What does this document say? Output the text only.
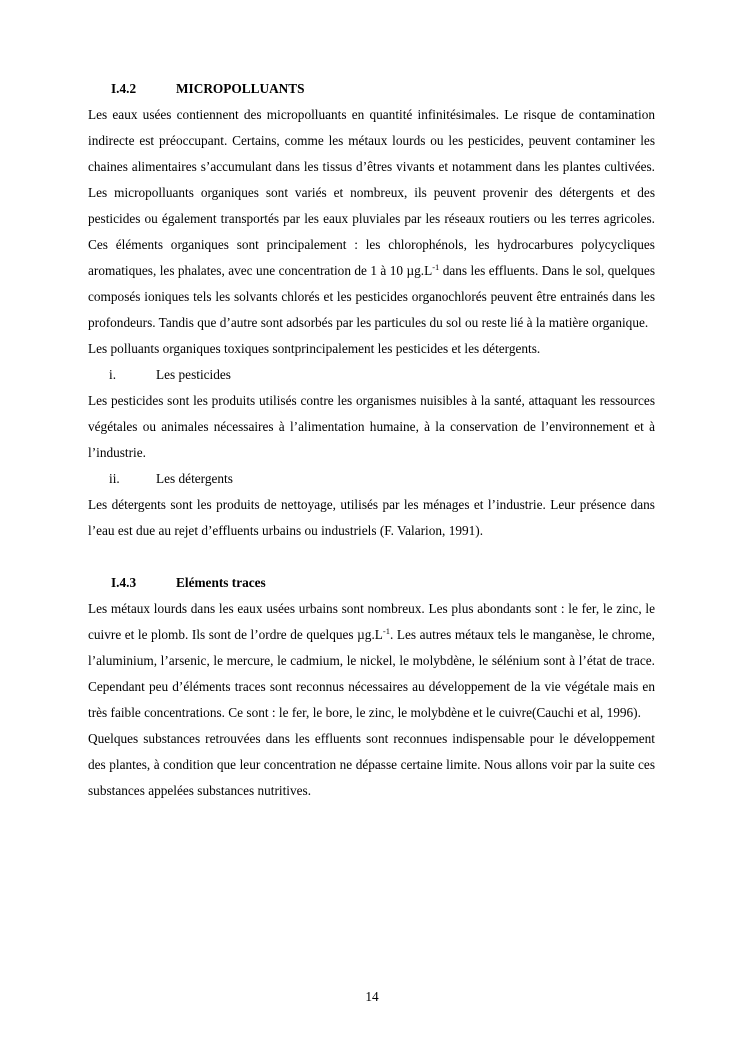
I.4.2	MICROPOLLUANTS

Les eaux usées contiennent des micropolluants en quantité infinitésimales. Le risque de contamination indirecte est préoccupant. Certains, comme les métaux lourds ou les pesticides, peuvent contaminer les chaines alimentaires s’accumulant dans les tissus d’êtres vivants et notamment dans les plantes cultivées. Les micropolluants organiques sont variés et nombreux, ils peuvent provenir des détergents et des pesticides ou également transportés par les eaux pluviales par les réseaux routiers ou les terres agricoles. Ces éléments organiques sont principalement : les chlorophénols, les hydrocarbures polycycliques aromatiques, les phalates, avec une concentration de 1 à 10 $\mu g.L^{-1}$ dans les effluents. Dans le sol, quelques composés ioniques tels les solvants chlorés et les pesticides organochlorés peuvent être entrainés dans les profondeurs. Tandis que d’autre sont adsorbés par les particules du sol ou reste lié à la matière organique.

Les polluants organiques toxiques sontprincipalement les pesticides et les détergents.

i.	Les pesticides

Les pesticides sont les produits utilisés contre les organismes nuisibles à la santé, attaquant les ressources végétales ou animales nécessaires à l’alimentation humaine, à la conservation de l’environnement et à l’industrie.

ii.	Les détergents

Les détergents sont les produits de nettoyage, utilisés par les ménages et l’industrie. Leur présence dans l’eau est due au rejet d’effluents urbains ou industriels (F. Valarion, 1991).

I.4.3	Eléments traces

Les métaux lourds dans les eaux usées urbains sont nombreux. Les plus abondants sont : le fer, le zinc, le cuivre et le plomb. Ils sont de l’ordre de quelques $\mu g.L^{-1}$. Les autres métaux tels le manganèse, le chrome, l’aluminium, l’arsenic, le mercure, le cadmium, le nickel, le molybdène, le sélénium sont à l’état de trace. Cependant peu d’éléments traces sont reconnus nécessaires au développement de la vie végétale mais en très faible concentrations. Ce sont : le fer, le bore, le zinc, le molybdène et le cuivre(Cauchi et al, 1996).

Quelques substances retrouvées dans les effluents sont reconnues indispensable pour le développement des plantes, à condition que leur concentration ne dépasse certaine limite. Nous allons voir par la suite ces substances appelées substances nutritives.

14
